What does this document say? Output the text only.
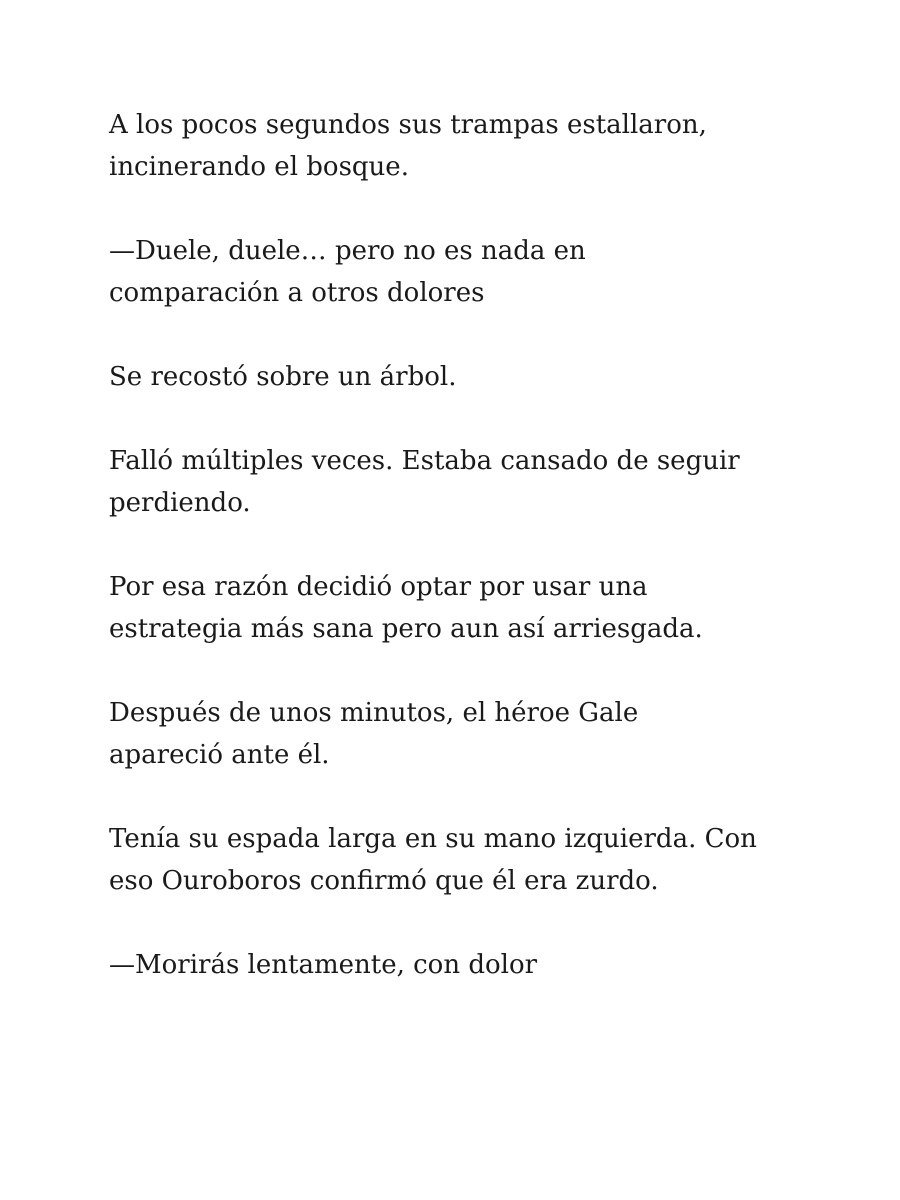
A los pocos segundos sus trampas estallaron,
incinerando el bosque.

—Duele, duele… pero no es nada en
comparación a otros dolores

Se recostó sobre un árbol.

Falló múltiples veces. Estaba cansado de seguir
perdiendo.

Por esa razón decidió optar por usar una
estrategia más sana pero aun así arriesgada.

Después de unos minutos, el héroe Gale
apareció ante él.

Tenía su espada larga en su mano izquierda. Con
eso Ouroboros confirmó que él era zurdo.

—Morirás lentamente, con dolor
